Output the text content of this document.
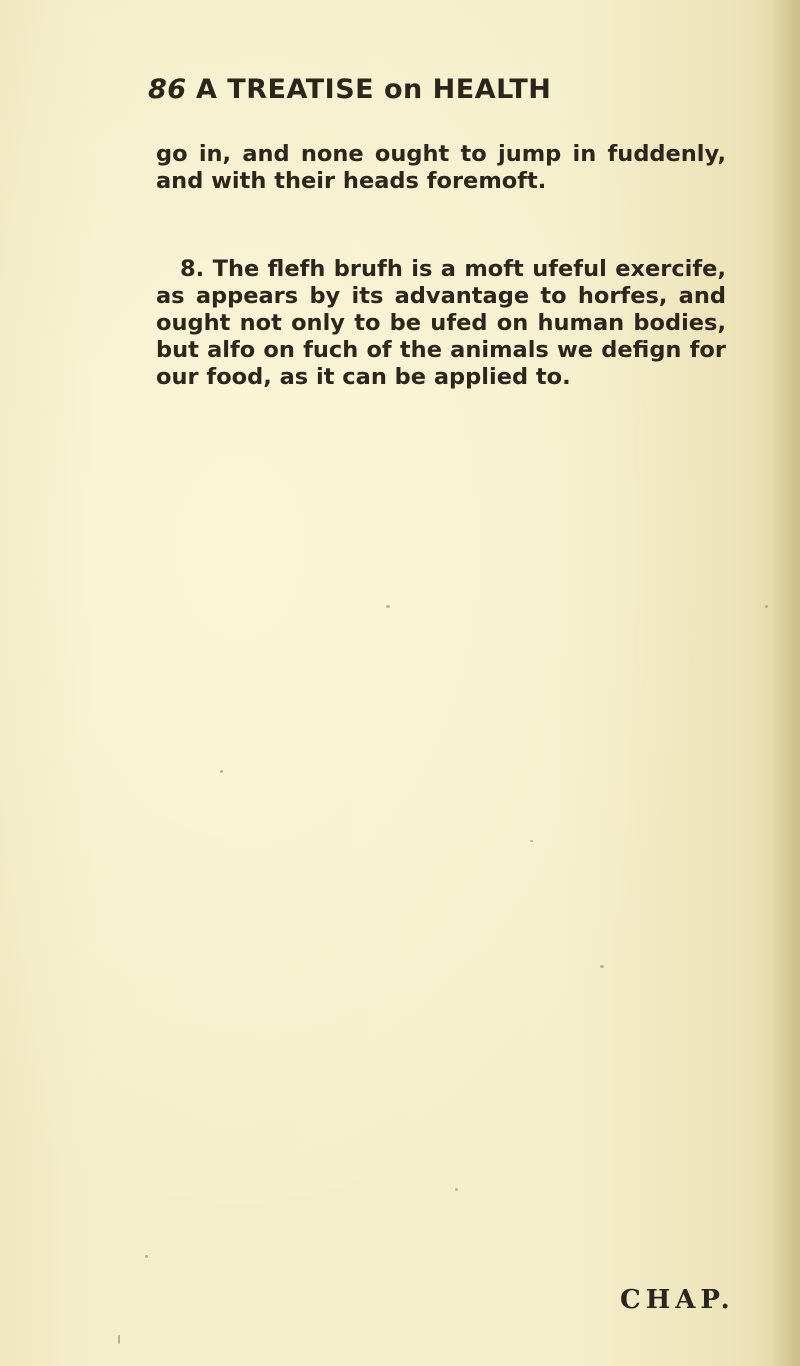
86 A TREATISE on HEALTH
go in, and none ought to jump in fuddenly,
and with their heads foremoft.
8. The flefh brufh is a moft ufeful exercife,
as appears by its advantage to horfes, and
ought not only to be ufed on human bodies,
but alfo on fuch of the animals we defign for
our food, as it can be applied to.
CHAP.
